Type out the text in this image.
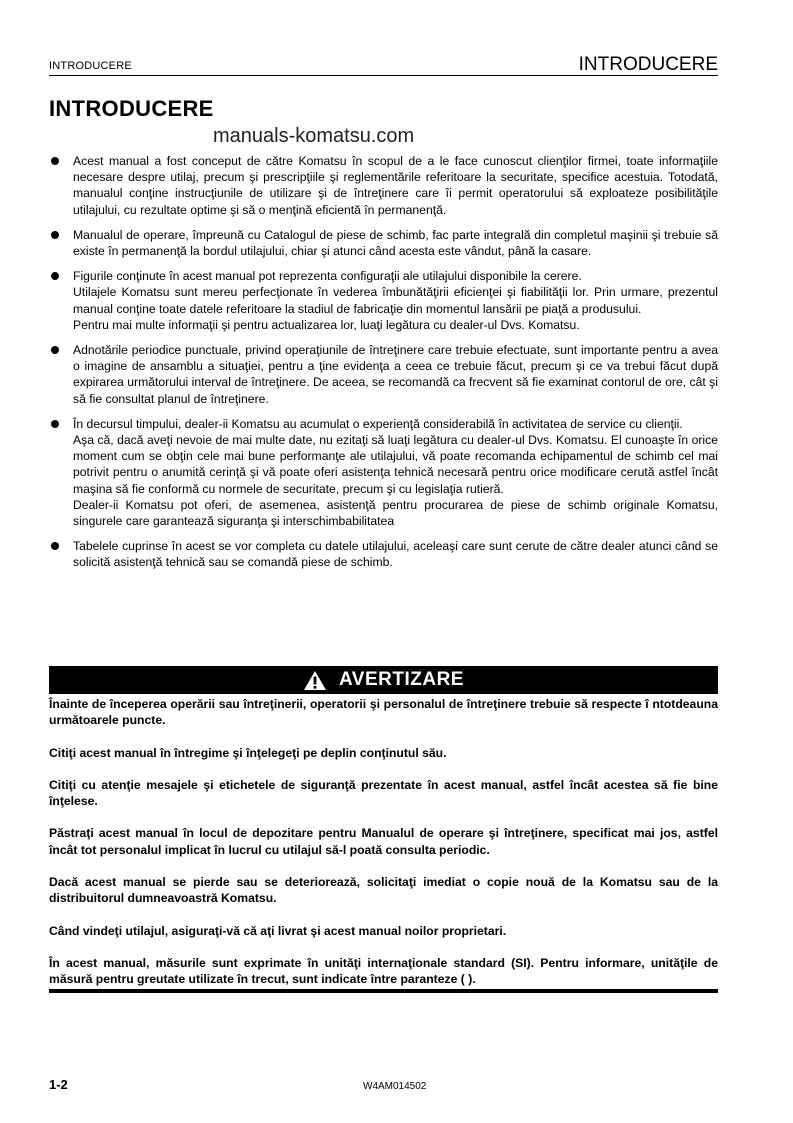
INTRODUCERE	INTRODUCERE
INTRODUCERE
manuals-komatsu.com

Acest manual a fost conceput de către Komatsu în scopul de a le face cunoscut clienţilor firmei, toate informaţiile necesare despre utilaj, precum şi prescripţiile şi reglementările referitoare la securitate, specifice acestuia. Totodată, manualul conţine instrucţiunile de utilizare şi de întreţinere care îi permit operatorului să exploateze posibilităţile utilajului, cu rezultate optime şi să o menţină eficientă în permanenţă.

Manualul de operare, împreună cu Catalogul de piese de schimb, fac parte integrală din completul maşinii şi trebuie să existe în permanenţă la bordul utilajului, chiar şi atunci când acesta este vândut, până la casare.

Figurile conţinute în acest manual pot reprezenta configuraţii ale utilajului disponibile la cerere.

Utilajele Komatsu sunt mereu perfecţionate în vederea îmbunătăţirii eficienţei şi fiabilităţii lor. Prin urmare, prezentul manual conţine toate datele referitoare la stadiul de fabricaţie din momentul lansării pe piaţă a produsului.

Pentru mai multe informaţii şi pentru actualizarea lor, luaţi legătura cu dealer-ul Dvs. Komatsu.

Adnotările periodice punctuale, privind operaţiunile de întreţinere care trebuie efectuate, sunt importante pentru a avea o imagine de ansamblu a situaţiei, pentru a ţine evidenţa a ceea ce trebuie făcut, precum şi ce va trebui făcut după expirarea următorului interval de întreţinere. De aceea, se recomandă ca frecvent să fie examinat contorul de ore, cât şi să fie consultat planul de întreţinere.

În decursul timpului, dealer-ii Komatsu au acumulat o experienţă considerabilă în activitatea de service cu clienţii.

Aşa că, dacă aveţi nevoie de mai multe date, nu ezitaţi să luaţi legătura cu dealer-ul Dvs. Komatsu. El cunoaşte în orice moment cum se obţin cele mai bune performanţe ale utilajului, vă poate recomanda echipamentul de schimb cel mai potrivit pentru o anumită cerinţă şi vă poate oferi asistenţa tehnică necesară pentru orice modificare cerută astfel încât maşina să fie conformă cu normele de securitate, precum şi cu legislaţia rutieră.

Dealer-ii Komatsu pot oferi, de asemenea, asistenţă pentru procurarea de piese de schimb originale Komatsu, singurele care garantează siguranţa şi interschimbabilitatea

Tabelele cuprinse în acest se vor completa cu datele utilajului, aceleaşi care sunt cerute de către dealer atunci când se solicită asistenţă tehnică sau se comandă piese de schimb.

AVERTIZARE

Înainte de începerea operării sau întreţinerii, operatorii şi personalul de întreţinere trebuie să respecte î ntotdeauna următoarele puncte.

Citiţi acest manual în întregime şi înţelegeţi pe deplin conţinutul său.

Citiţi cu atenţie mesajele şi etichetele de siguranţă prezentate în acest manual, astfel încât acestea să fie bine înţelese.

Păstraţi acest manual în locul de depozitare pentru Manualul de operare şi întreţinere, specificat mai jos, astfel încât tot personalul implicat în lucrul cu utilajul să-l poată consulta periodic.

Dacă acest manual se pierde sau se deteriorează, solicitaţi imediat o copie nouă de la Komatsu sau de la distribuitorul dumneavoastră Komatsu.

Când vindeţi utilajul, asiguraţi-vă că aţi livrat şi acest manual noilor proprietari.

În acest manual, măsurile sunt exprimate în unităţi internaţionale standard (SI). Pentru informare, unităţile de măsură pentru greutate utilizate în trecut, sunt indicate între paranteze ( ).

1-2	W4AM014502
